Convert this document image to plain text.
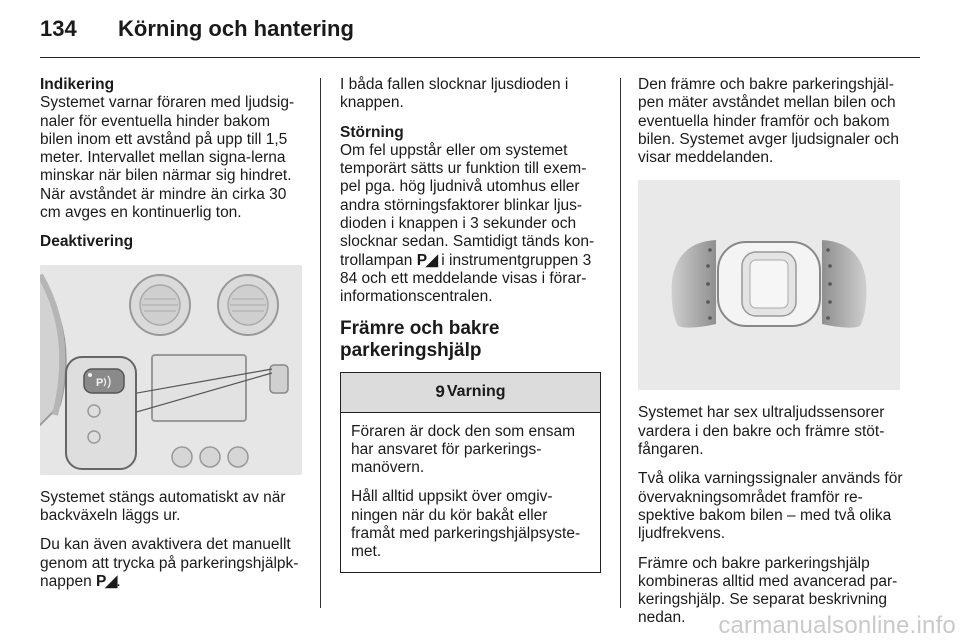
134 Körning och hantering
Indikering
Systemet varnar föraren med ljudsig-naler för eventuella hinder bakom bilen inom ett avstånd på upp till 1,5 meter. Intervallet mellan signa-lerna minskar när bilen närmar sig hindret. När avståndet är mindre än cirka 30 cm avges en kontinuerlig ton.
Deaktivering
P
Systemet stängs automatiskt av när backväxeln läggs ur.
Du kan även avaktivera det manuellt genom att trycka på parkeringshjälpk-nappen P◢.
I båda fallen slocknar ljusdioden i knappen.
Störning
Om fel uppstår eller om systemet temporärt sätts ur funktion till exem-pel pga. hög ljudnivå utomhus eller andra störningsfaktorer blinkar ljus-dioden i knappen i 3 sekunder och slocknar sedan. Samtidigt tänds kon-trollampan P◢ i instrumentgruppen 3 84 och ett meddelande visas i förar-informationscentralen.
Främre och bakre parkeringshjälp
9 Varning
Föraren är dock den som ensam har ansvaret för parkerings-manövern.
Håll alltid uppsikt över omgiv-ningen när du kör bakåt eller framåt med parkeringshjälpsyste-met.
Den främre och bakre parkeringshjäl-pen mäter avståndet mellan bilen och eventuella hinder framför och bakom bilen. Systemet avger ljudsignaler och visar meddelanden.
Systemet har sex ultraljudssensorer vardera i den bakre och främre stöt-fångaren.
Två olika varningssignaler används för övervakningsområdet framför re-spektive bakom bilen – med två olika ljudfrekvens.
Främre och bakre parkeringshjälp kombineras alltid med avancerad par-keringshjälp. Se separat beskrivning nedan.	carmanualsonline.info
